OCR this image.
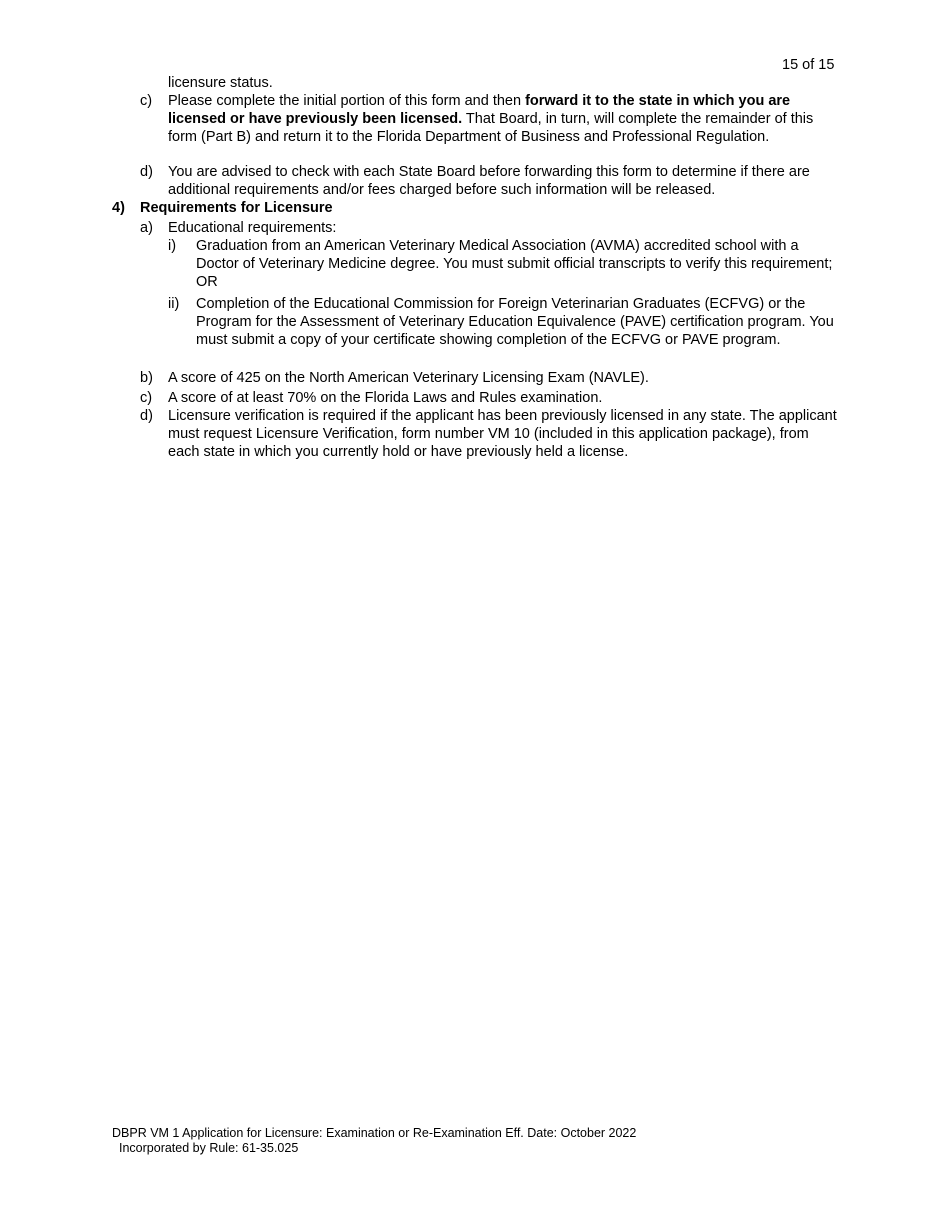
15 of 15
licensure status.
c) Please complete the initial portion of this form and then forward it to the state in which you are licensed or have previously been licensed. That Board, in turn, will complete the remainder of this form (Part B) and return it to the Florida Department of Business and Professional Regulation.
d) You are advised to check with each State Board before forwarding this form to determine if there are additional requirements and/or fees charged before such information will be released.
4) Requirements for Licensure
a) Educational requirements:
i) Graduation from an American Veterinary Medical Association (AVMA) accredited school with a Doctor of Veterinary Medicine degree. You must submit official transcripts to verify this requirement; OR
ii) Completion of the Educational Commission for Foreign Veterinarian Graduates (ECFVG) or the Program for the Assessment of Veterinary Education Equivalence (PAVE) certification program. You must submit a copy of your certificate showing completion of the ECFVG or PAVE program.
b) A score of 425 on the North American Veterinary Licensing Exam (NAVLE).
c) A score of at least 70% on the Florida Laws and Rules examination.
d) Licensure verification is required if the applicant has been previously licensed in any state. The applicant must request Licensure Verification, form number VM 10 (included in this application package), from each state in which you currently hold or have previously held a license.
DBPR VM 1 Application for Licensure: Examination or Re-Examination Eff. Date: October 2022
Incorporated by Rule: 61-35.025
